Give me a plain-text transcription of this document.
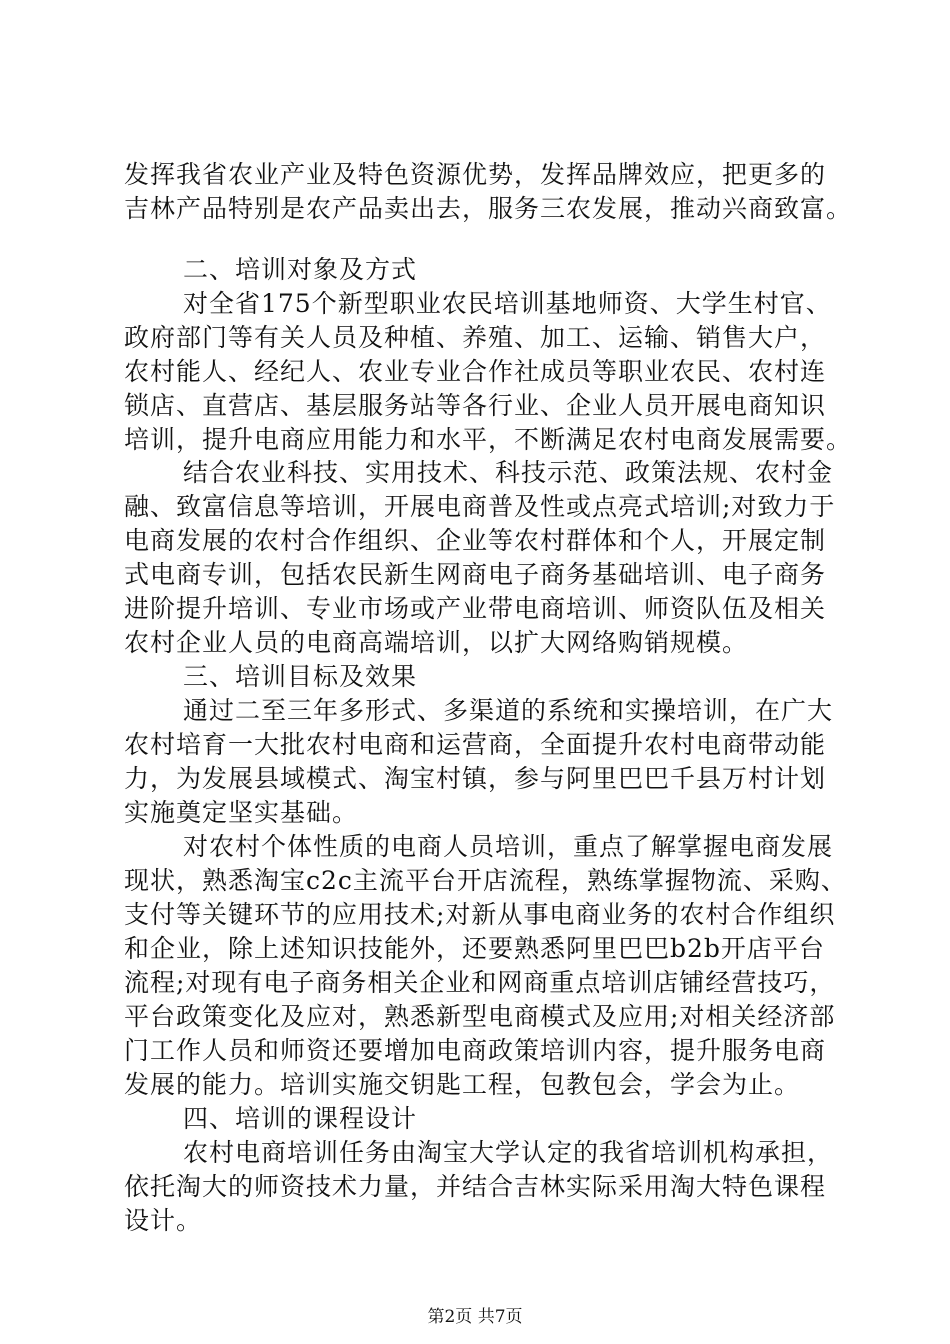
发挥我省农业产业及特色资源优势，发挥品牌效应，把更多的
吉林产品特别是农产品卖出去，服务三农发展，推动兴商致富。
二、培训对象及方式
对全省175个新型职业农民培训基地师资、大学生村官、
政府部门等有关人员及种植、养殖、加工、运输、销售大户，
农村能人、经纪人、农业专业合作社成员等职业农民、农村连
锁店、直营店、基层服务站等各行业、企业人员开展电商知识
培训，提升电商应用能力和水平，不断满足农村电商发展需要。
结合农业科技、实用技术、科技示范、政策法规、农村金
融、致富信息等培训，开展电商普及性或点亮式培训;对致力于
电商发展的农村合作组织、企业等农村群体和个人，开展定制
式电商专训，包括农民新生网商电子商务基础培训、电子商务
进阶提升培训、专业市场或产业带电商培训、师资队伍及相关
农村企业人员的电商高端培训，以扩大网络购销规模。
三、培训目标及效果
通过二至三年多形式、多渠道的系统和实操培训，在广大
农村培育一大批农村电商和运营商，全面提升农村电商带动能
力，为发展县域模式、淘宝村镇，参与阿里巴巴千县万村计划
实施奠定坚实基础。
对农村个体性质的电商人员培训，重点了解掌握电商发展
现状，熟悉淘宝c2c主流平台开店流程，熟练掌握物流、采购、
支付等关键环节的应用技术;对新从事电商业务的农村合作组织
和企业，除上述知识技能外，还要熟悉阿里巴巴b2b开店平台
流程;对现有电子商务相关企业和网商重点培训店铺经营技巧，
平台政策变化及应对，熟悉新型电商模式及应用;对相关经济部
门工作人员和师资还要增加电商政策培训内容，提升服务电商
发展的能力。培训实施交钥匙工程，包教包会，学会为止。
四、培训的课程设计
农村电商培训任务由淘宝大学认定的我省培训机构承担，
依托淘大的师资技术力量，并结合吉林实际采用淘大特色课程
第2页 共7页
设计。
